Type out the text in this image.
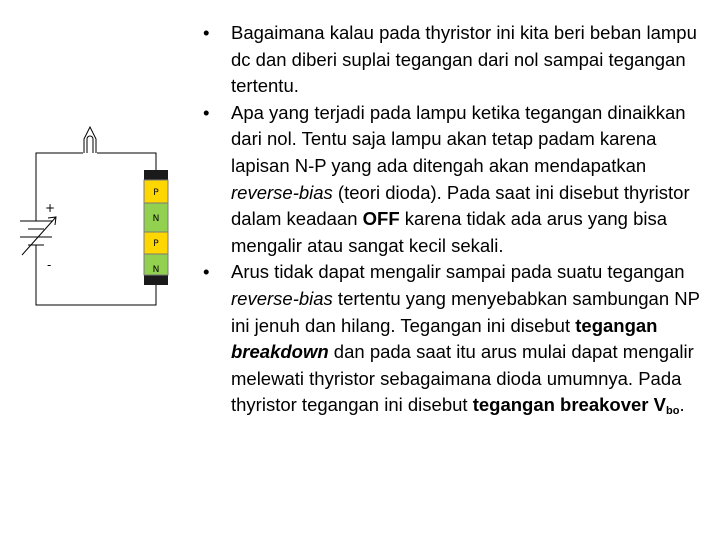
+
-
P
N
P
N
• Bagaimana kalau pada thyristor ini kita beri beban lampu dc dan diberi suplai tegangan dari nol sampai tegangan tertentu.
• Apa yang terjadi pada lampu ketika tegangan dinaikkan dari nol. Tentu saja lampu akan tetap padam karena lapisan N-P yang ada ditengah akan mendapatkan reverse-bias (teori dioda). Pada saat ini disebut thyristor dalam keadaan OFF karena tidak ada arus yang bisa mengalir atau sangat kecil sekali.
• Arus tidak dapat mengalir sampai pada suatu tegangan reverse-bias tertentu yang menyebabkan sambungan NP ini jenuh dan hilang. Tegangan ini disebut tegangan breakdown dan pada saat itu arus mulai dapat mengalir melewati thyristor sebagaimana dioda umumnya. Pada thyristor tegangan ini disebut tegangan breakover $V_{bo}$.
